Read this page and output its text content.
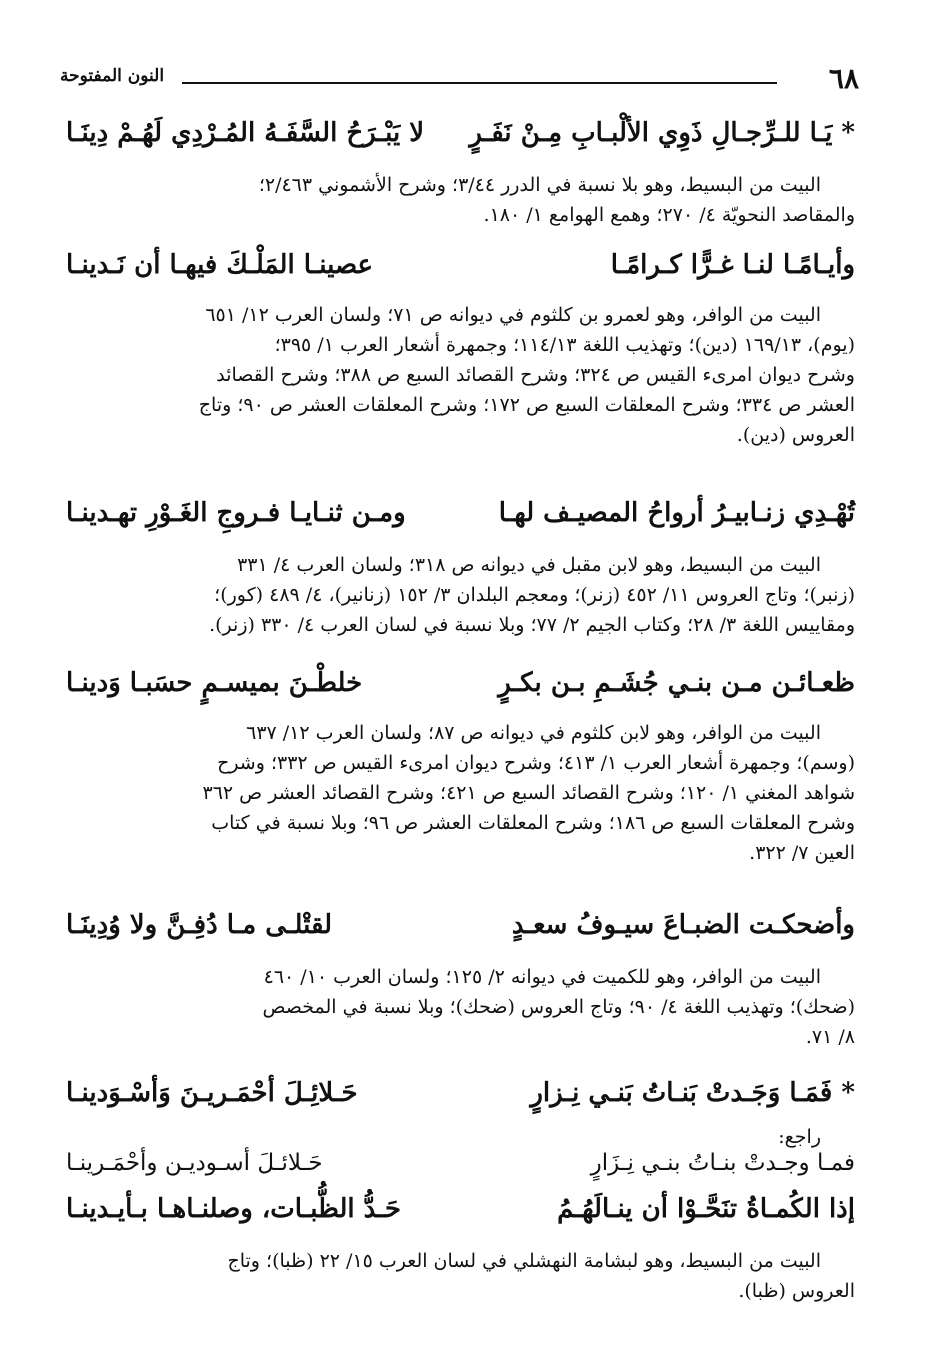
٦٨
النون المفتوحة
* يَـا للـرِّجـالِ ذَوِي الألْبـابِ مِـنْ نَفَـرٍ
لا يَبْـرَحُ السَّفَـهُ المُـرْدِي لَهُـمْ دِينَـا
البيت من البسيط، وهو بلا نسبة في الدرر ٣/٤٤؛ وشرح الأشموني ٢/٤٦٣؛
والمقاصد النحويّة ٤/ ٢٧٠؛ وهمع الهوامع ١/ ١٨٠.
وأيـامًـا لنـا غـرًّا كـرامًـا
عصينـا المَلْـكَ فيهـا أن نَـدينـا
البيت من الوافر، وهو لعمرو بن كلثوم في ديوانه ص ٧١؛ ولسان العرب ١٢/ ٦٥١
(يوم)، ١٦٩/١٣ (دين)؛ وتهذيب اللغة ١١٤/١٣؛ وجمهرة أشعار العرب ١/ ٣٩٥؛
وشرح ديوان امرىء القيس ص ٣٢٤؛ وشرح القصائد السبع ص ٣٨٨؛ وشرح القصائد
العشر ص ٣٣٤؛ وشرح المعلقات السبع ص ١٧٢؛ وشرح المعلقات العشر ص ٩٠؛ وتاج
العروس (دين).
تُهْـدِي زنـابيـرُ أرواحُ المصيـف لهـا
ومـن ثنـايـا فـروجِ الغَـوْرِ تهـدينـا
البيت من البسيط، وهو لابن مقبل في ديوانه ص ٣١٨؛ ولسان العرب ٤/ ٣٣١
(زنبر)؛ وتاج العروس ١١/ ٤٥٢ (زنر)؛ ومعجم البلدان ٣/ ١٥٢ (زنانير)، ٤/ ٤٨٩ (كور)؛
ومقاييس اللغة ٣/ ٢٨؛ وكتاب الجيم ٢/ ٧٧؛ وبلا نسبة في لسان العرب ٤/ ٣٣٠ (زنر).
ظعـائـن مـن بنـي جُشَـمِ بـن بكـرٍ
خلطْـنَ بميسـمٍ حسَبـا وَدينـا
البيت من الوافر، وهو لابن كلثوم في ديوانه ص ٨٧؛ ولسان العرب ١٢/ ٦٣٧
(وسم)؛ وجمهرة أشعار العرب ١/ ٤١٣؛ وشرح ديوان امرىء القيس ص ٣٣٢؛ وشرح
شواهد المغني ١/ ١٢٠؛ وشرح القصائد السبع ص ٤٢١؛ وشرح القصائد العشر ص ٣٦٢
وشرح المعلقات السبع ص ١٨٦؛ وشرح المعلقات العشر ص ٩٦؛ وبلا نسبة في كتاب
العين ٧/ ٣٢٢.
وأضحكـت الضبـاعَ سيـوفُ سعـدٍ
لقتْلـى مـا دُفِـنَّ ولا وُدِينَـا
البيت من الوافر، وهو للكميت في ديوانه ٢/ ١٢٥؛ ولسان العرب ١٠/ ٤٦٠
(ضحك)؛ وتهذيب اللغة ٤/ ٩٠؛ وتاج العروس (ضحك)؛ وبلا نسبة في المخصص
٨/ ٧١.
* فَمَـا وَجَـدتْ بَنـاتُ بَنـي نِـزارٍ
حَـلائِـلَ أحْمَـريـنَ وَأسْـوَدينـا
راجع:
فمـا وجـدتْ بنـاتُ بنـي نِـزَارٍ
حَـلائـلَ أسـوديـن وأحْمَـرينـا
إذا الكُمـاةُ تنَحَّـوْا أن ينـالَهُـمُ
حَـدُّ الظُّبـات، وصلنـاهـا بـأيـدينـا
البيت من البسيط، وهو لبشامة النهشلي في لسان العرب ١٥/ ٢٢ (ظبا)؛ وتاج
العروس (ظبا).
